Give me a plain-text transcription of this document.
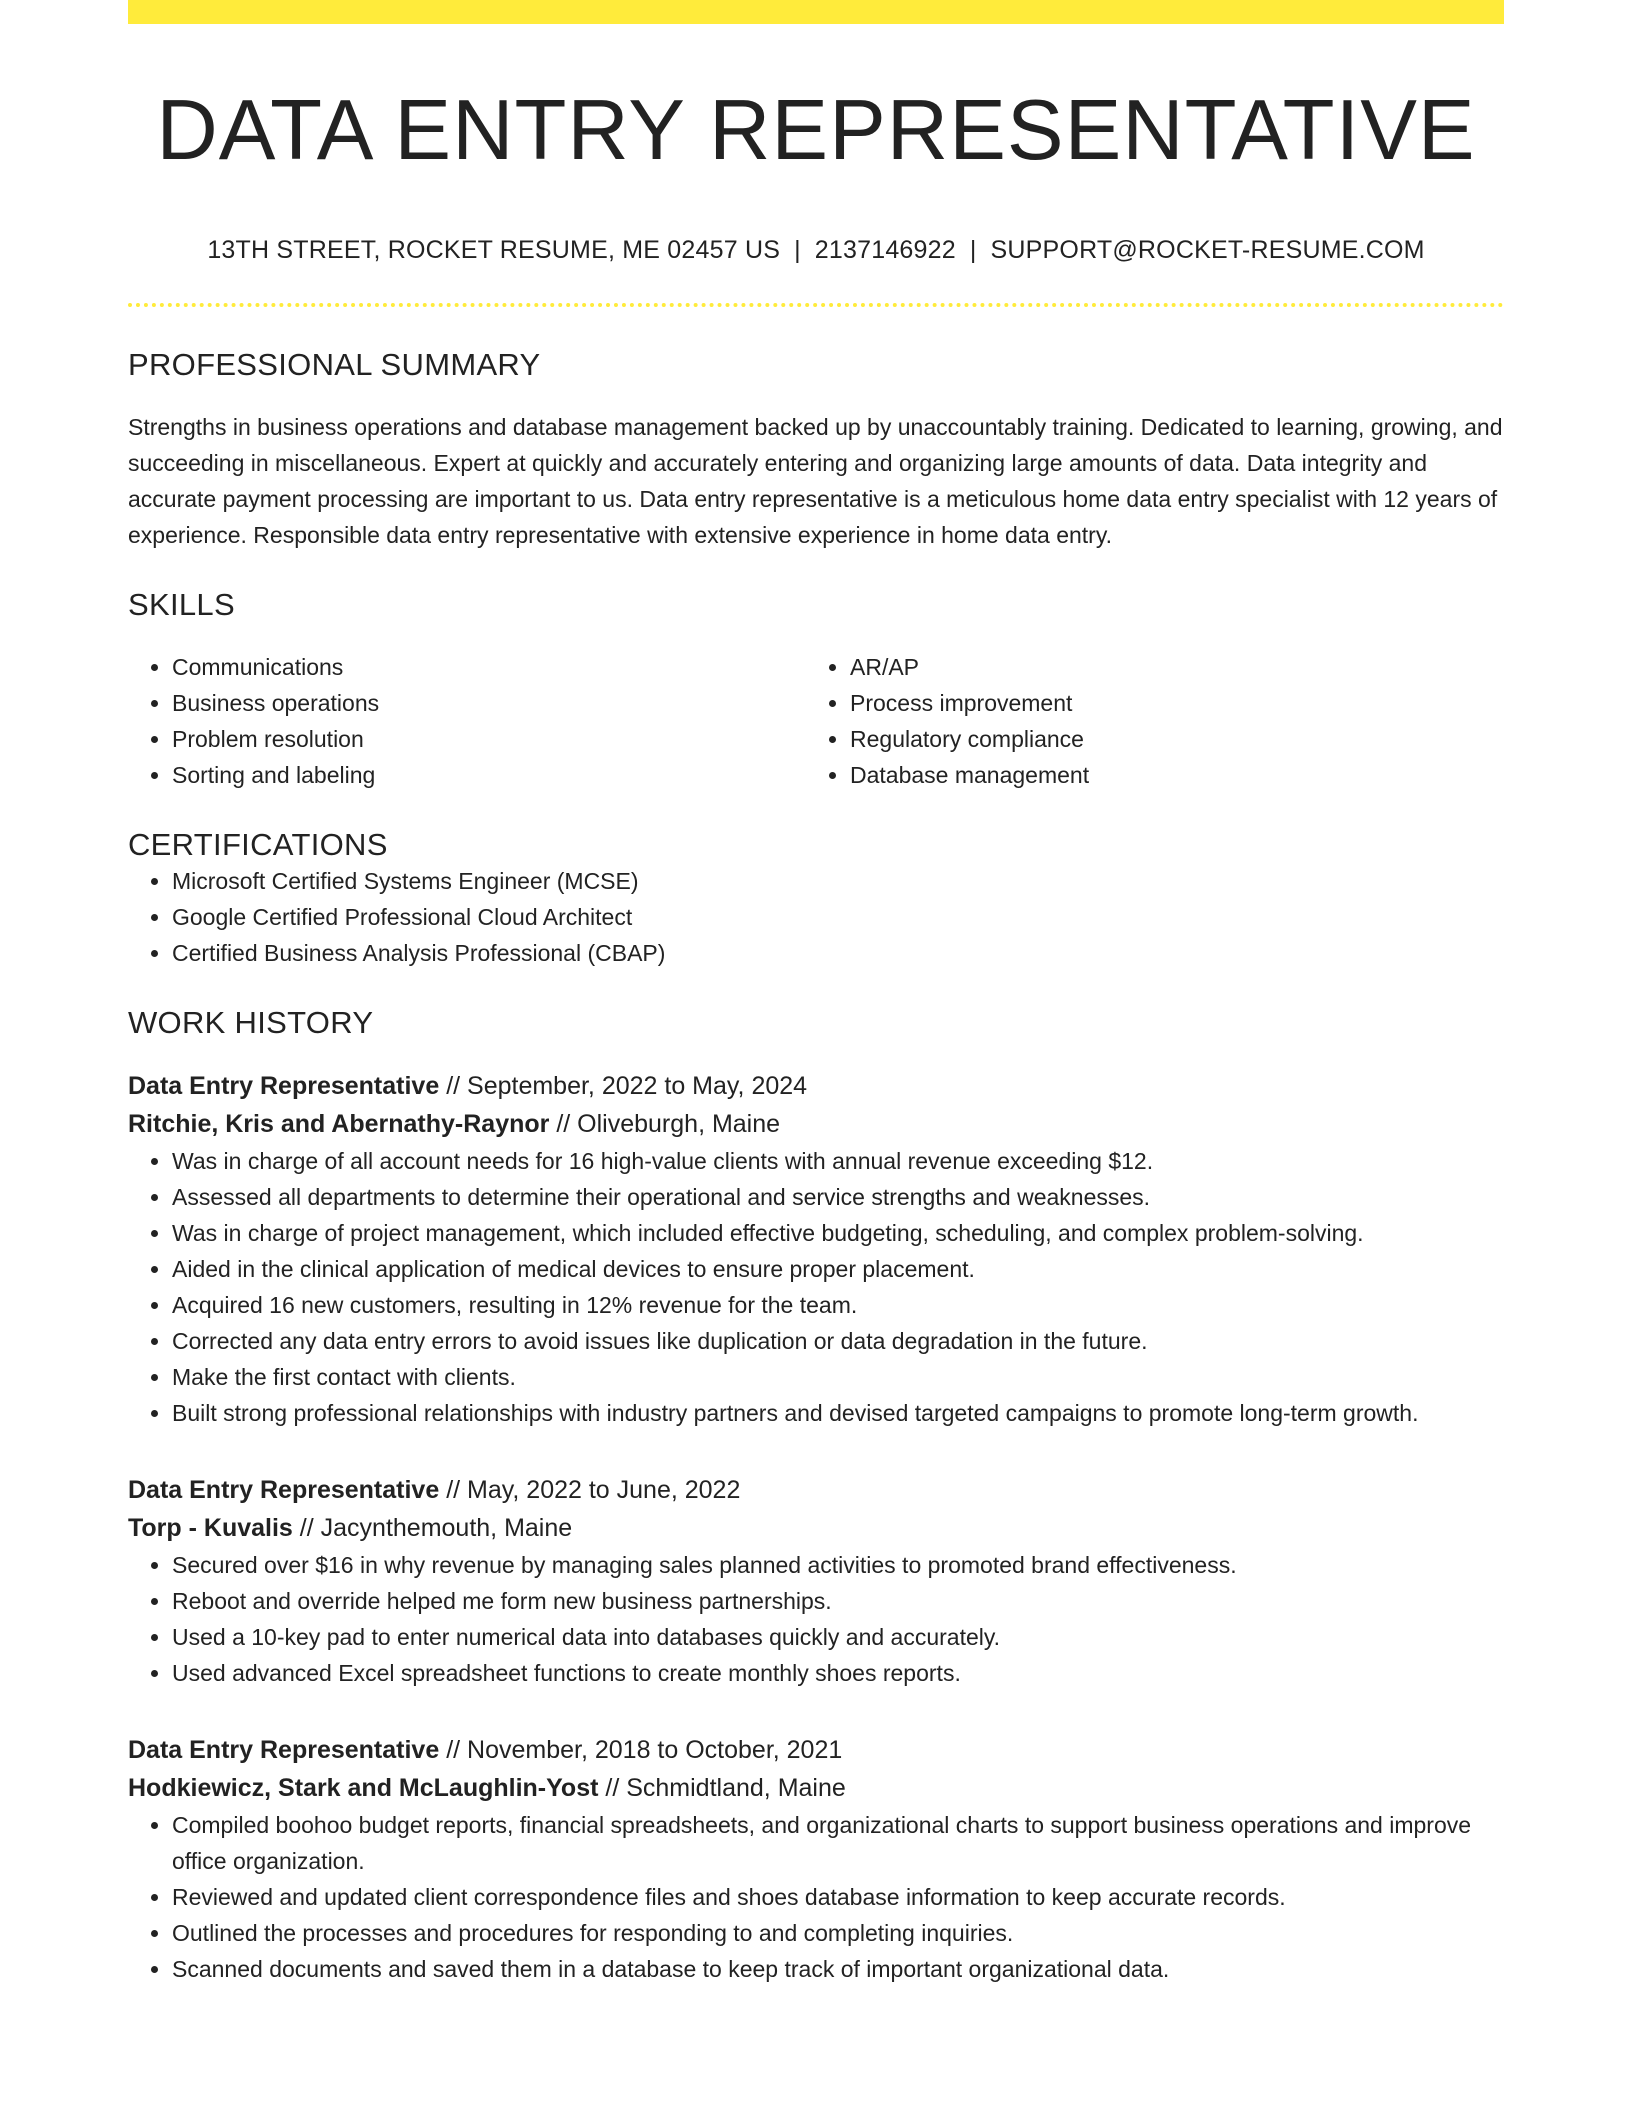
DATA ENTRY REPRESENTATIVE
13TH STREET, ROCKET RESUME, ME 02457 US | 2137146922 | SUPPORT@ROCKET-RESUME.COM
PROFESSIONAL SUMMARY

Strengths in business operations and database management backed up by unaccountably training. Dedicated to learning, growing, and succeeding in miscellaneous. Expert at quickly and accurately entering and organizing large amounts of data. Data integrity and accurate payment processing are important to us. Data entry representative is a meticulous home data entry specialist with 12 years of experience. Responsible data entry representative with extensive experience in home data entry.

SKILLS
• Communications
• Business operations
• Problem resolution
• Sorting and labeling
• AR/AP
• Process improvement
• Regulatory compliance
• Database management
CERTIFICATIONS
• Microsoft Certified Systems Engineer (MCSE)
• Google Certified Professional Cloud Architect
• Certified Business Analysis Professional (CBAP)
WORK HISTORY
Data Entry Representative // September, 2022 to May, 2024
Ritchie, Kris and Abernathy-Raynor // Oliveburgh, Maine
• Was in charge of all account needs for 16 high-value clients with annual revenue exceeding $12.
• Assessed all departments to determine their operational and service strengths and weaknesses.
• Was in charge of project management, which included effective budgeting, scheduling, and complex problem-solving.
• Aided in the clinical application of medical devices to ensure proper placement.
• Acquired 16 new customers, resulting in 12% revenue for the team.
• Corrected any data entry errors to avoid issues like duplication or data degradation in the future.
• Make the first contact with clients.
• Built strong professional relationships with industry partners and devised targeted campaigns to promote long-term growth.
Data Entry Representative // May, 2022 to June, 2022
Torp - Kuvalis // Jacynthemouth, Maine
• Secured over $16 in why revenue by managing sales planned activities to promoted brand effectiveness.
• Reboot and override helped me form new business partnerships.
• Used a 10-key pad to enter numerical data into databases quickly and accurately.
• Used advanced Excel spreadsheet functions to create monthly shoes reports.
Data Entry Representative // November, 2018 to October, 2021
Hodkiewicz, Stark and McLaughlin-Yost // Schmidtland, Maine
• Compiled boohoo budget reports, financial spreadsheets, and organizational charts to support business operations and improve office organization.
• Reviewed and updated client correspondence files and shoes database information to keep accurate records.
• Outlined the processes and procedures for responding to and completing inquiries.
• Scanned documents and saved them in a database to keep track of important organizational data.
